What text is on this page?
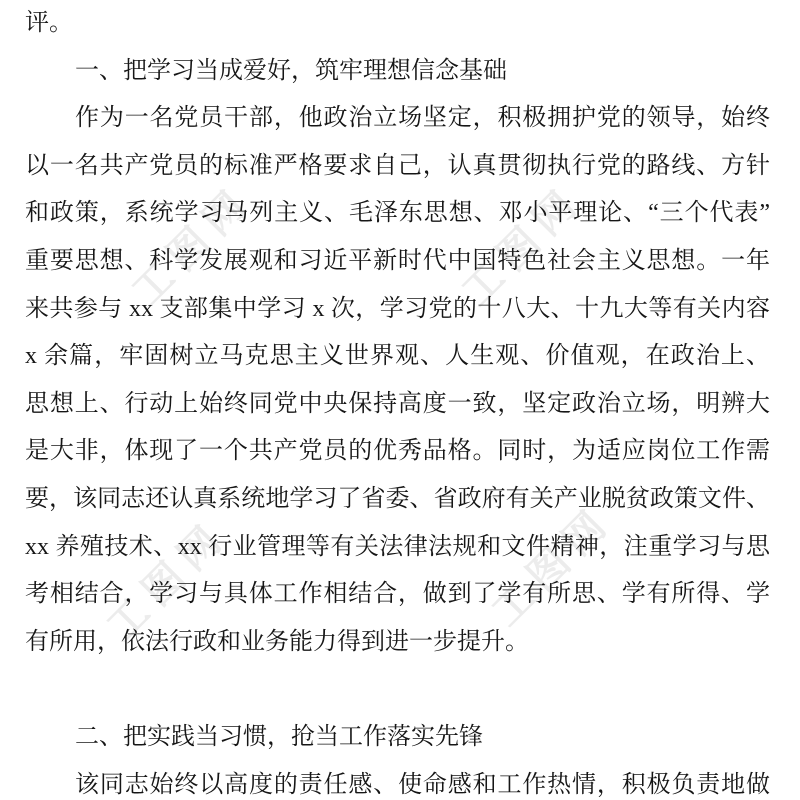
工图网	工图网
工图网	工图网
评。
一、把学习当成爱好，筑牢理想信念基础
作为一名党员干部，他政治立场坚定，积极拥护党的领导，始终
以一名共产党员的标准严格要求自己，认真贯彻执行党的路线、方针
和政策，系统学习马列主义、毛泽东思想、邓小平理论、“三个代表”
重要思想、科学发展观和习近平新时代中国特色社会主义思想。一年
来共参与 xx 支部集中学习 x 次，学习党的十八大、十九大等有关内容
x 余篇，牢固树立马克思主义世界观、人生观、价值观，在政治上、
思想上、行动上始终同党中央保持高度一致，坚定政治立场，明辨大
是大非，体现了一个共产党员的优秀品格。同时，为适应岗位工作需
要，该同志还认真系统地学习了省委、省政府有关产业脱贫政策文件、
xx 养殖技术、xx 行业管理等有关法律法规和文件精神，注重学习与思
考相结合，学习与具体工作相结合，做到了学有所思、学有所得、学
有所用，依法行政和业务能力得到进一步提升。
二、把实践当习惯，抢当工作落实先锋
该同志始终以高度的责任感、使命感和工作热情，积极负责地做
